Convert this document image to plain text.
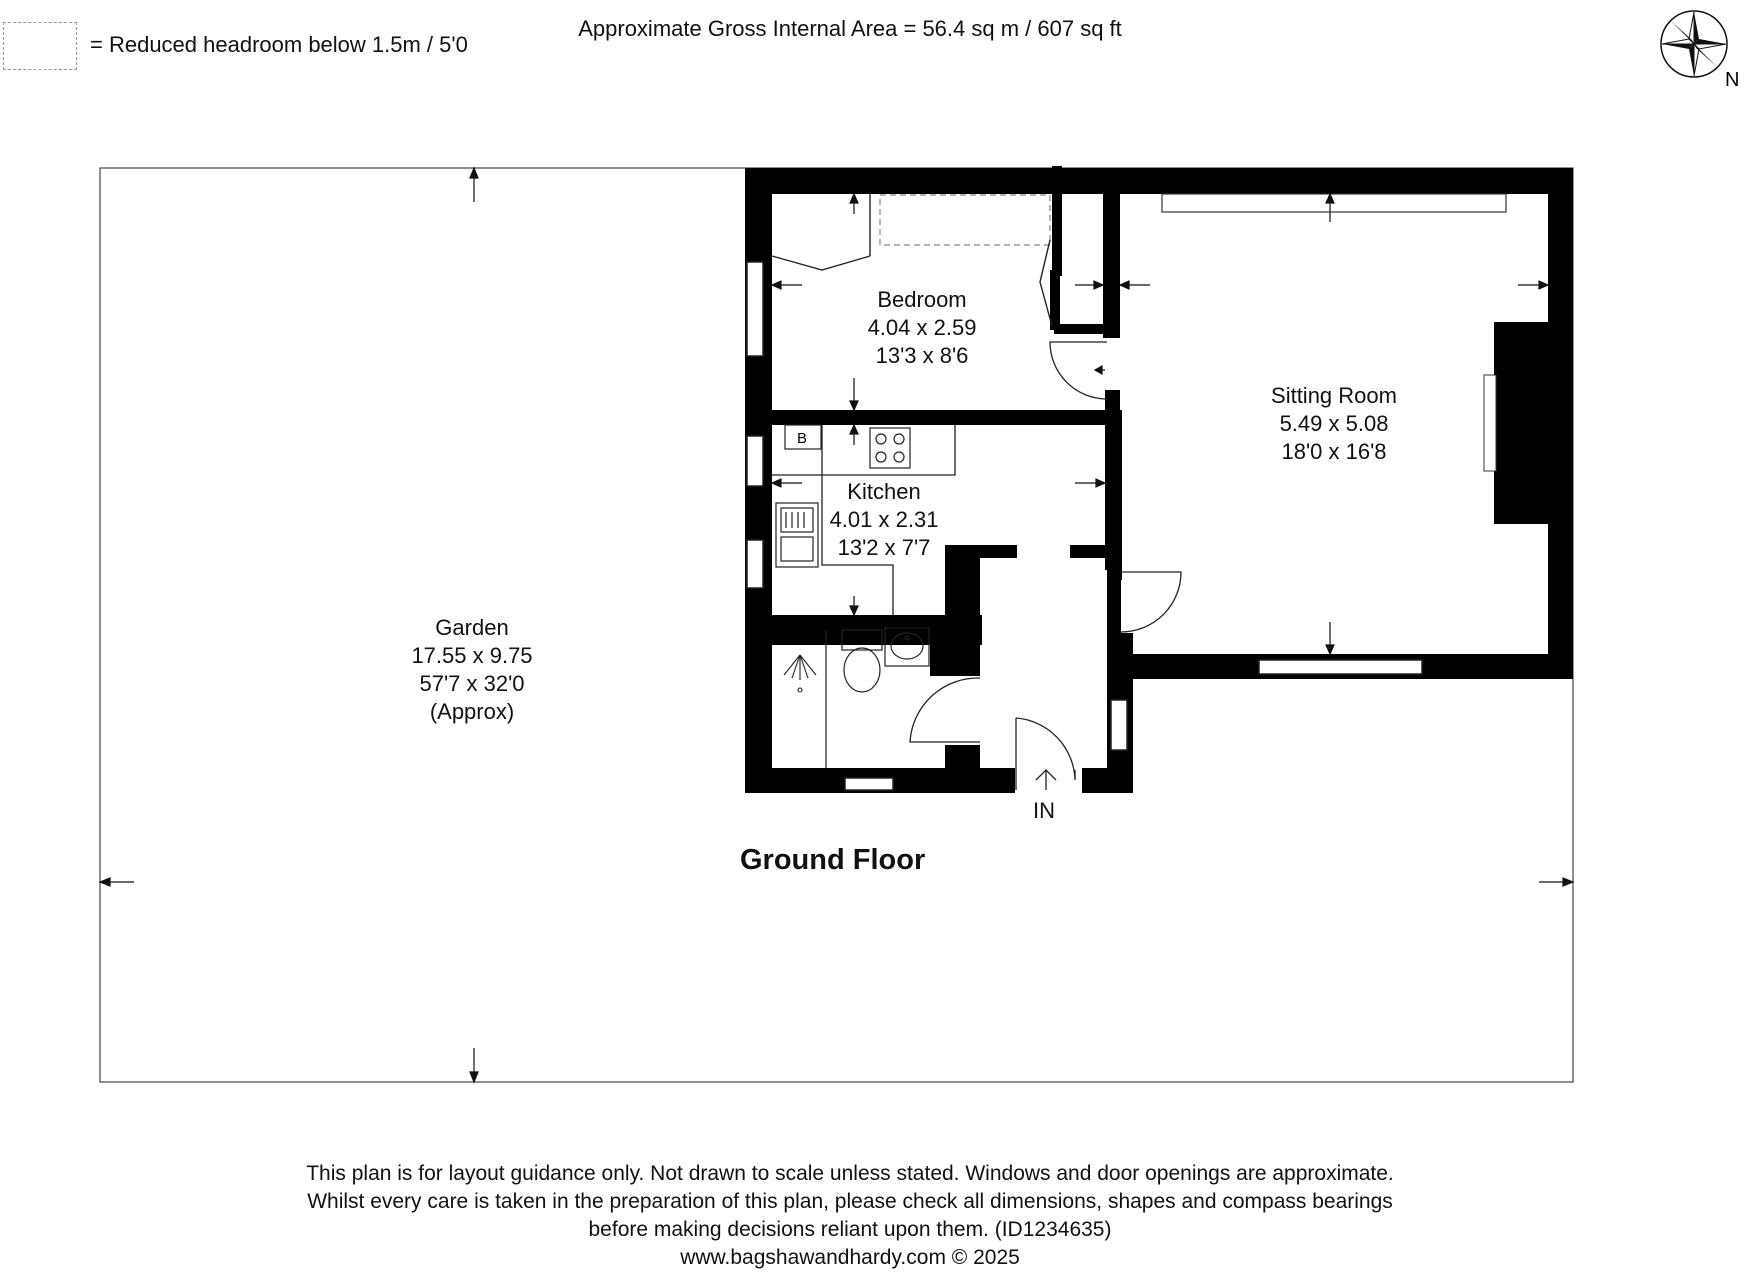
= Reduced headroom below 1.5m / 5'0
Approximate Gross Internal Area = 56.4 sq m / 607 sq ft
N
B
Bedroom
4.04 x 2.59
13'3 x 8'6
Sitting Room
5.49 x 5.08
18'0 x 16'8
Kitchen
4.01 x 2.31
13'2 x 7'7
Garden
17.55 x 9.75
57'7 x 32'0
(Approx)
IN
Ground Floor
This plan is for layout guidance only. Not drawn to scale unless stated. Windows and door openings are approximate.
Whilst every care is taken in the preparation of this plan, please check all dimensions, shapes and compass bearings
before making decisions reliant upon them. (ID1234635)
www.bagshawandhardy.com © 2025
